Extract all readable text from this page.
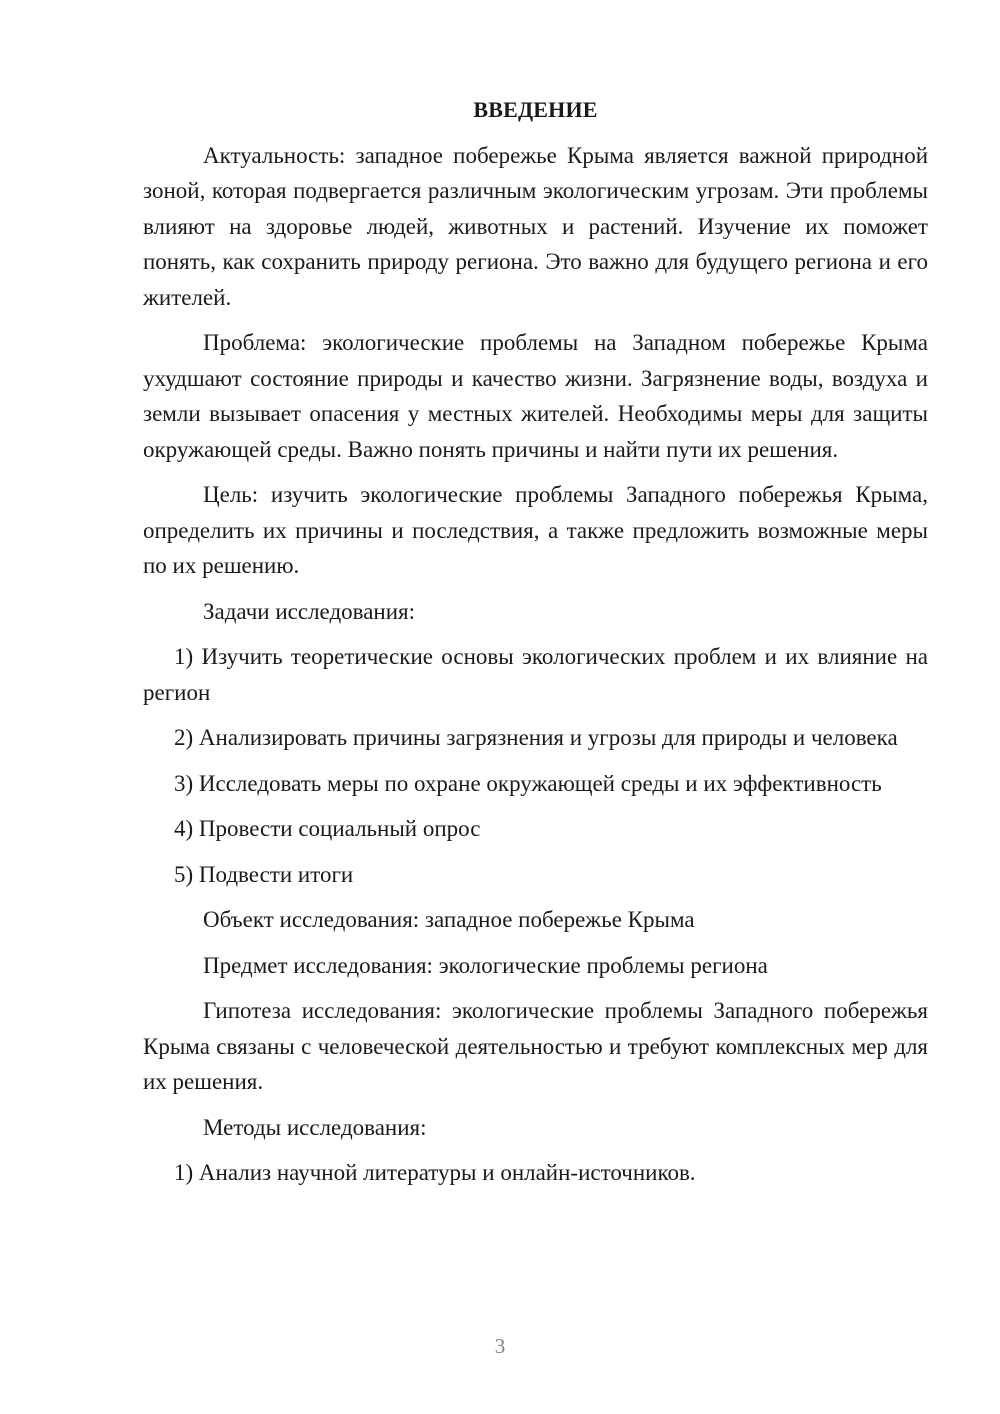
ВВЕДЕНИЕ

Актуальность: западное побережье Крыма является важной природной зоной, которая подвергается различным экологическим угрозам. Эти проблемы влияют на здоровье людей, животных и растений. Изучение их поможет понять, как сохранить природу региона. Это важно для будущего региона и его жителей.

Проблема: экологические проблемы на Западном побережье Крыма ухудшают состояние природы и качество жизни. Загрязнение воды, воздуха и земли вызывает опасения у местных жителей. Необходимы меры для защиты окружающей среды. Важно понять причины и найти пути их решения.

Цель: изучить экологические проблемы Западного побережья Крыма, определить их причины и последствия, а также предложить возможные меры по их решению.

Задачи исследования:

1) Изучить теоретические основы экологических проблем и их влияние на регион

2) Анализировать причины загрязнения и угрозы для природы и человека

3) Исследовать меры по охране окружающей среды и их эффективность

4) Провести социальный опрос

5) Подвести итоги

Объект исследования: западное побережье Крыма

Предмет исследования: экологические проблемы региона

Гипотеза исследования: экологические проблемы Западного побережья Крыма связаны с человеческой деятельностью и требуют комплексных мер для их решения.

Методы исследования:

1) Анализ научной литературы и онлайн-источников.

3
